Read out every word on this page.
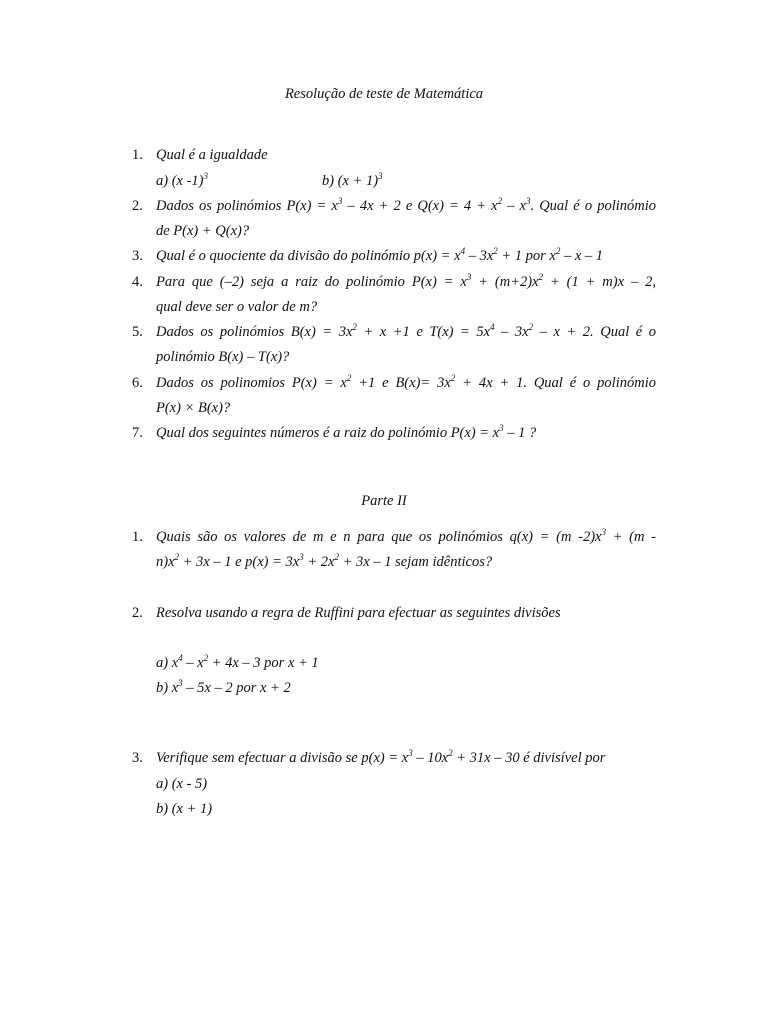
Resolução de teste de Matemática
1. Qual é a igualdade
a) (x -1)$^3$	b) $(x + 1)^3$
2. Dados os polinómios $P(x) = x^3 - 4x + 2$ e $Q(x) = 4 + x^2 - x^3$. Qual é o polinómio
de P(x) + Q(x)?
3. Qual é o quociente da divisão do polinómio $p(x) = x^4 - 3x^2 + 1$ por $x^2$ – x – 1
4. Para que (–2) seja a raiz do polinómio $P(x) = x^3 + (m+2)x^2 + (1 + m)x - 2$,
qual deve ser o valor de m?
5. Dados os polinómios $B(x) = 3x^2 + x +1$ e $T(x) = 5x^4 - 3x^2 - x + 2$. Qual é o
polinómio B(x) – T(x)?
6. Dados os polinomios $P(x) = x^2 +1$ e $B(x)= 3x^2 + 4x + 1$. Qual é o polinómio
P(x) × B(x)?
7. Qual dos seguintes números é a raiz do polinómio $P(x) = x^3 - 1$ ?
Parte II
1. Quais são os valores de m e n para que os polinómios q(x) = (m $-2)x^3 + (m$ -
$n)x^2 + 3x - 1$ e $p(x) = 3x^3 + 2x^2 + 3x - 1$ sejam idênticos?
2. Resolva usando a regra de Ruffini para efectuar as seguintes divisões
a) $x^4 - x^2 + 4x - 3$ por x + 1
b) $x^3 - 5x - 2$ por x + 2
3. Verifique sem efectuar a divisão se $p(x) = x^3 - 10x^2 + 31x - 30$ é divisível por
a) (x - 5)
b) (x + 1)
